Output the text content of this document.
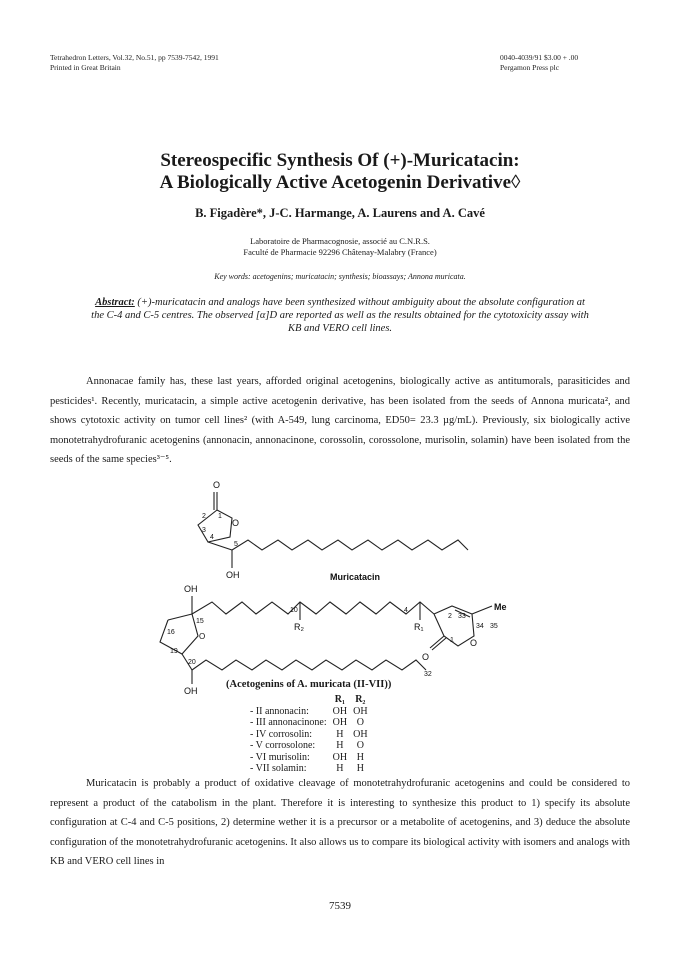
Tetrahedron Letters, Vol.32, No.51, pp 7539-7542, 1991
Printed in Great Britain
0040-4039/91 $3.00 + .00
Pergamon Press plc
Stereospecific Synthesis Of (+)-Muricatacin:
A Biologically Active Acetogenin Derivative◊
B. Figadère*, J-C. Harmange, A. Laurens and A. Cavé
Laboratoire de Pharmacognosie, associé au C.N.R.S.
Faculté de Pharmacie 92296 Châtenay-Malabry (France)
Key words: acetogenins; muricatacin; synthesis; bioassays; Annona muricata.
Abstract: (+)-muricatacin and analogs have been synthesized without ambiguity about the absolute configuration at the C-4 and C-5 centres. The observed [α]D are reported as well as the results obtained for the cytotoxicity assay with KB and VERO cell lines.

Annonacae family has, these last years, afforded original acetogenins, biologically active as antitumorals, parasiticides and pesticides¹. Recently, muricatacin, a simple active acetogenin derivative, has been isolated from the seeds of Annona muricata², and shows cytotoxic activity on tumor cell lines² (with A-549, lung carcinoma, ED50= 23.3 µg/mL). Previously, six biologically active monotetrahydrofuranic acetogenins (annonacin, annonacinone, corossolin, corossolone, murisolin, solamin) have been isolated from the seeds of the same species³⁻⁵.

O
O
OH
2 1
3
4
5
Muricatacin
OH
15
16	O
19
20
OH
10	4
R₂	R₁
2 33
34 35
Me
1 O
O
32
(Acetogenins of A. muricata (II-VII))
	R₁	R₂
- II annonacin:	OH	OH
- III annonacinone:	OH	O
- IV corrosolin:	H	OH
- V corrosolone:	H	O
- VI murisolin:	OH	H
- VII solamin:	H	H

Muricatacin is probably a product of oxidative cleavage of monotetrahydrofuranic acetogenins and could be considered to represent a product of the catabolism in the plant. Therefore it is interesting to synthesize this product to 1) specify its absolute configuration at C-4 and C-5 positions, 2) determine wether it is a precursor or a metabolite of acetogenins, and 3) deduce the absolute configuration of the monotetrahydrofuranic acetogenins. It also allows us to compare its biological activity with isomers and analogs with KB and VERO cell lines in

7539
